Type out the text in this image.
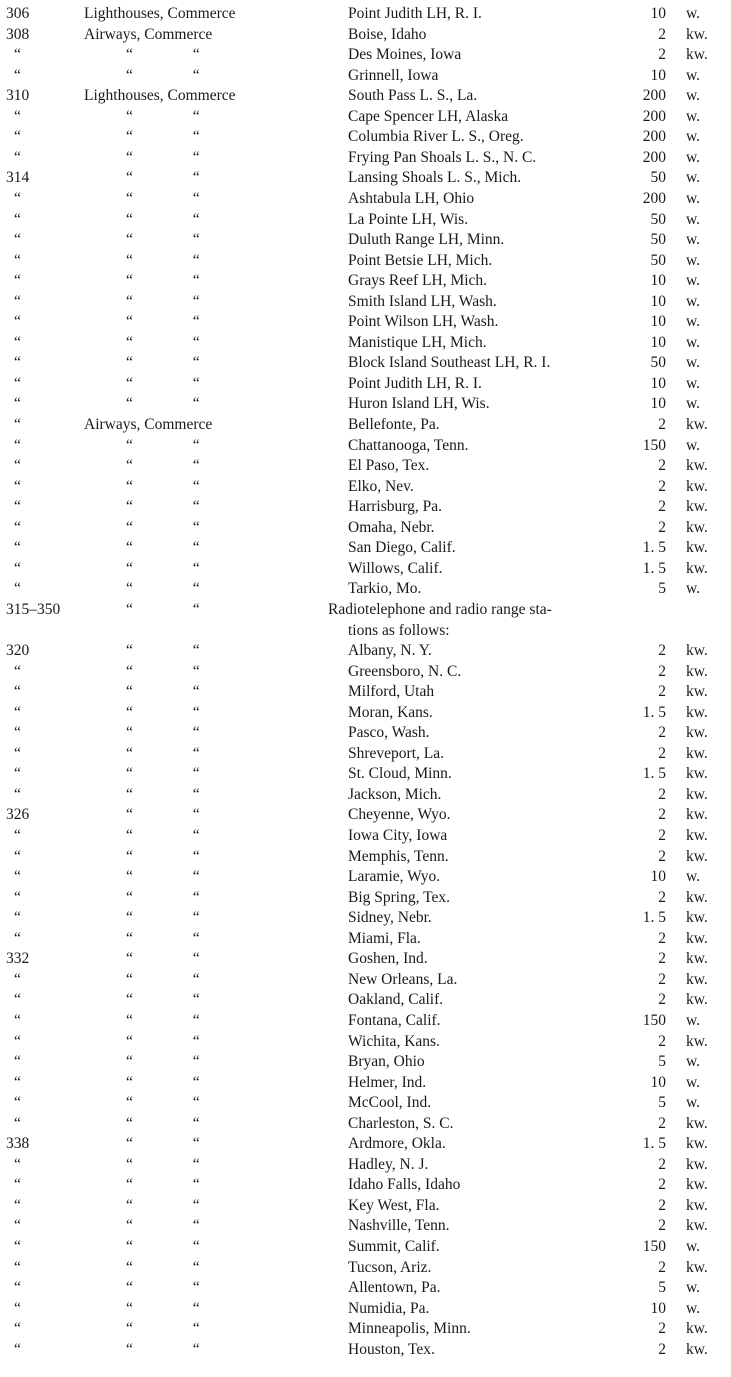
306	Lighthouses, Commerce	Point Judith LH, R. I.	10 w.
308	Airways, Commerce	Boise, Idaho	2 kw.
“	“ “	Des Moines, Iowa	2 kw.
“	“ “	Grinnell, Iowa	10 w.
310	Lighthouses, Commerce	South Pass L. S., La.	200 w.
“	“ “	Cape Spencer LH, Alaska	200 w.
“	“ “	Columbia River L. S., Oreg.	200 w.
“	“ “	Frying Pan Shoals L. S., N. C.	200 w.
314	“ “	Lansing Shoals L. S., Mich.	50 w.
“	“ “	Ashtabula LH, Ohio	200 w.
“	“ “	La Pointe LH, Wis.	50 w.
“	“ “	Duluth Range LH, Minn.	50 w.
“	“ “	Point Betsie LH, Mich.	50 w.
“	“ “	Grays Reef LH, Mich.	10 w.
“	“ “	Smith Island LH, Wash.	10 w.
“	“ “	Point Wilson LH, Wash.	10 w.
“	“ “	Manistique LH, Mich.	10 w.
“	“ “	Block Island Southeast LH, R. I.	50 w.
“	“ “	Point Judith LH, R. I.	10 w.
“	“ “	Huron Island LH, Wis.	10 w.
“	Airways, Commerce	Bellefonte, Pa.	2 kw.
“	“ “	Chattanooga, Tenn.	150 w.
“	“ “	El Paso, Tex.	2 kw.
“	“ “	Elko, Nev.	2 kw.
“	“ “	Harrisburg, Pa.	2 kw.
“	“ “	Omaha, Nebr.	2 kw.
“	“ “	San Diego, Calif.	1. 5 kw.
“	“ “	Willows, Calif.	1. 5 kw.
“	“ “	Tarkio, Mo.	5 w.
315–350	“ “	Radiotelephone and radio range sta-
tions as follows:
320	“ “	Albany, N. Y.	2 kw.
“	“ “	Greensboro, N. C.	2 kw.
“	“ “	Milford, Utah	2 kw.
“	“ “	Moran, Kans.	1. 5 kw.
“	“ “	Pasco, Wash.	2 kw.
“	“ “	Shreveport, La.	2 kw.
“	“ “	St. Cloud, Minn.	1. 5 kw.
“	“ “	Jackson, Mich.	2 kw.
326	“ “	Cheyenne, Wyo.	2 kw.
“	“ “	Iowa City, Iowa	2 kw.
“	“ “	Memphis, Tenn.	2 kw.
“	“ “	Laramie, Wyo.	10 w.
“	“ “	Big Spring, Tex.	2 kw.
“	“ “	Sidney, Nebr.	1. 5 kw.
“	“ “	Miami, Fla.	2 kw.
332	“ “	Goshen, Ind.	2 kw.
“	“ “	New Orleans, La.	2 kw.
“	“ “	Oakland, Calif.	2 kw.
“	“ “	Fontana, Calif.	150 w.
“	“ “	Wichita, Kans.	2 kw.
“	“ “	Bryan, Ohio	5 w.
“	“ “	Helmer, Ind.	10 w.
“	“ “	McCool, Ind.	5 w.
“	“ “	Charleston, S. C.	2 kw.
338	“ “	Ardmore, Okla.	1. 5 kw.
“	“ “	Hadley, N. J.	2 kw.
“	“ “	Idaho Falls, Idaho	2 kw.
“	“ “	Key West, Fla.	2 kw.
“	“ “	Nashville, Tenn.	2 kw.
“	“ “	Summit, Calif.	150 w.
“	“ “	Tucson, Ariz.	2 kw.
“	“ “	Allentown, Pa.	5 w.
“	“ “	Numidia, Pa.	10 w.
“	“ “	Minneapolis, Minn.	2 kw.
“	“ “	Houston, Tex.	2 kw.
